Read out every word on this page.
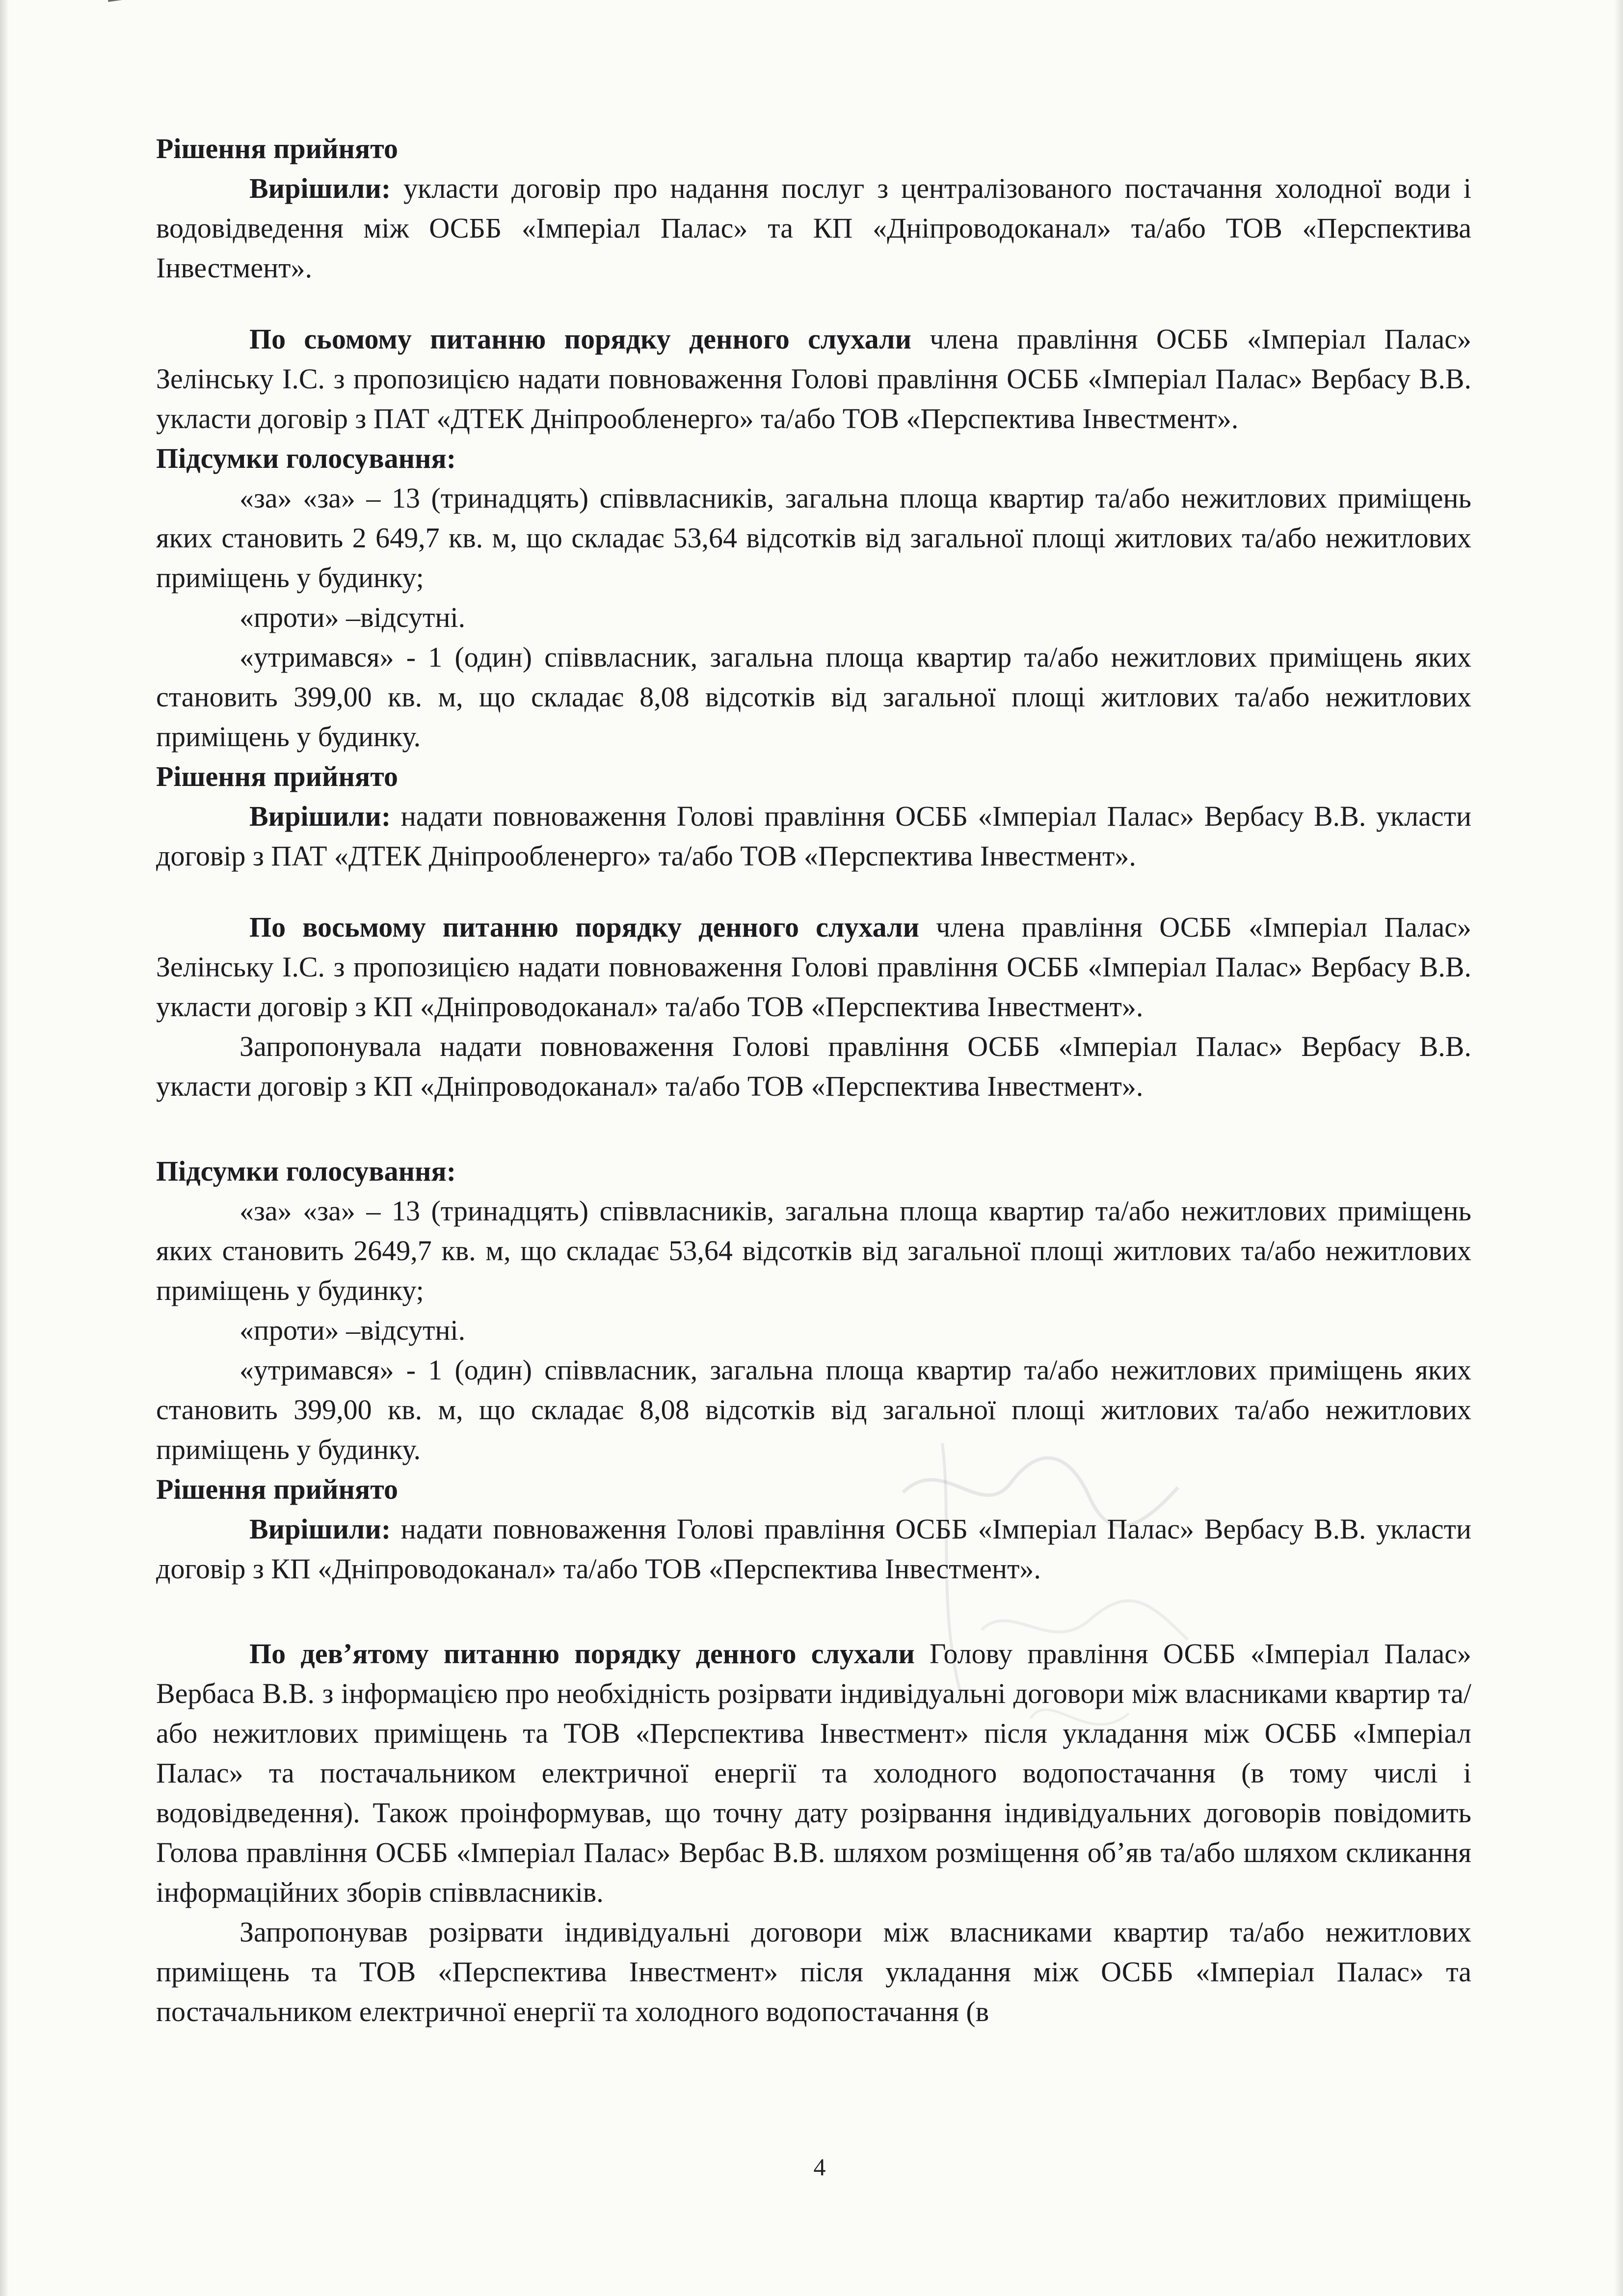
Рішення прийнято

Вирішили: укласти договір про надання послуг з централізованого постачання холодної води і водовідведення між ОСББ «Імперіал Палас» та КП «Дніпроводоканал» та/або ТОВ «Перспектива Інвестмент».

По сьомому питанню порядку денного слухали члена правління ОСББ «Імперіал Палас» Зелінську І.С. з пропозицією надати повноваження Голові правління ОСББ «Імперіал Палас» Вербасу В.В. укласти договір з ПАТ «ДТЕК Дніпрообленерго» та/або ТОВ «Перспектива Інвестмент».

Підсумки голосування:

«за» «за» – 13 (тринадцять) співвласників, загальна площа квартир та/або нежитлових приміщень яких становить 2 649,7 кв. м, що складає 53,64 відсотків від загальної площі житлових та/або нежитлових приміщень у будинку;

«проти» –відсутні.

«утримався» - 1 (один) співвласник, загальна площа квартир та/або нежитлових приміщень яких становить 399,00 кв. м, що складає 8,08 відсотків від загальної площі житлових та/або нежитлових приміщень у будинку.

Рішення прийнято

Вирішили: надати повноваження Голові правління ОСББ «Імперіал Палас» Вербасу В.В. укласти договір з ПАТ «ДТЕК Дніпрообленерго» та/або ТОВ «Перспектива Інвестмент».

По восьмому питанню порядку денного слухали члена правління ОСББ «Імперіал Палас» Зелінську І.С. з пропозицією надати повноваження Голові правління ОСББ «Імперіал Палас» Вербасу В.В. укласти договір з КП «Дніпроводоканал» та/або ТОВ «Перспектива Інвестмент».

Запропонувала надати повноваження Голові правління ОСББ «Імперіал Палас» Вербасу В.В. укласти договір з КП «Дніпроводоканал» та/або ТОВ «Перспектива Інвестмент».

Підсумки голосування:

«за» «за» – 13 (тринадцять) співвласників, загальна площа квартир та/або нежитлових приміщень яких становить 2649,7 кв. м, що складає 53,64 відсотків від загальної площі житлових та/або нежитлових приміщень у будинку;

«проти» –відсутні.

«утримався» - 1 (один) співвласник, загальна площа квартир та/або нежитлових приміщень яких становить 399,00 кв. м, що складає 8,08 відсотків від загальної площі житлових та/або нежитлових приміщень у будинку.

Рішення прийнято

Вирішили: надати повноваження Голові правління ОСББ «Імперіал Палас» Вербасу В.В. укласти договір з КП «Дніпроводоканал» та/або ТОВ «Перспектива Інвестмент».

По дев’ятому питанню порядку денного слухали Голову правління ОСББ «Імперіал Палас» Вербаса В.В. з інформацією про необхідність розірвати індивідуальні договори між власниками квартир та/або нежитлових приміщень та ТОВ «Перспектива Інвестмент» після укладання між ОСББ «Імперіал Палас» та постачальником електричної енергії та холодного водопостачання (в тому числі і водовідведення). Також проінформував, що точну дату розірвання індивідуальних договорів повідомить Голова правління ОСББ «Імперіал Палас» Вербас В.В. шляхом розміщення об’яв та/або шляхом скликання інформаційних зборів співвласників.

Запропонував розірвати індивідуальні договори між власниками квартир та/або нежитлових приміщень та ТОВ «Перспектива Інвестмент» після укладання між ОСББ «Імперіал Палас» та постачальником електричної енергії та холодного водопостачання (в

4
